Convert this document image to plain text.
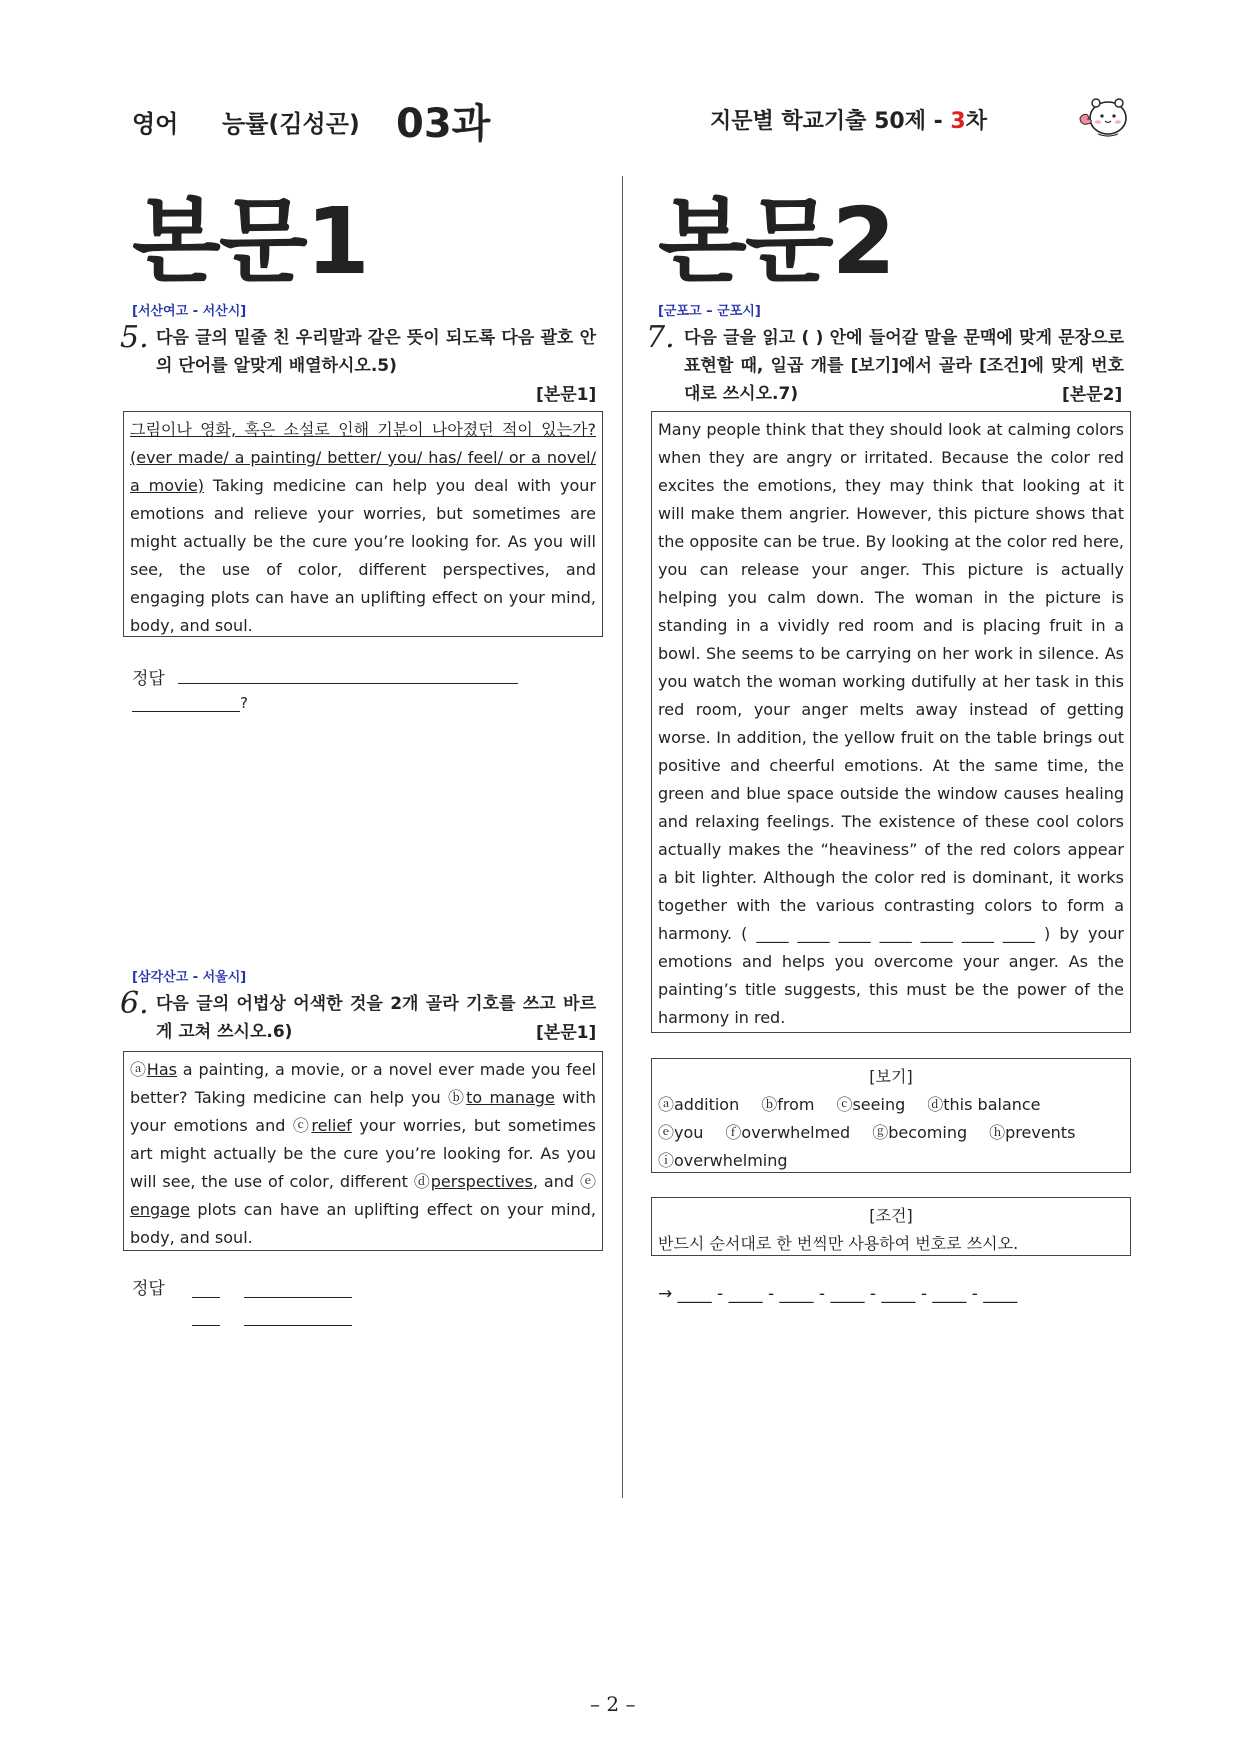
영어 능률(김성곤) 03과	지문별 학교기출 50제 - 3차
본문1
[서산여고 - 서산시]
5. 다음 글의 밑줄 친 우리말과 같은 뜻이 되도록 다음 괄호 안의 단어를 알맞게 배열하시오.5)
[본문1]
그림이나 영화, 혹은 소설로 인해 기분이 나아졌던 적이 있는가? (ever made/ a painting/ better/ you/ has/ feel/ or a novel/ a movie) Taking medicine can help you deal with your emotions and relieve your worries, but sometimes are might actually be the cure you’re looking for. As you will see, the use of color, different perspectives, and engaging plots can have an uplifting effect on your mind, body, and soul.
정답
?
[삼각산고 - 서울시]
6. 다음 글의 어법상 어색한 것을 2개 골라 기호를 쓰고 바르게 고쳐 쓰시오.6)	[본문1]
ⓐHas a painting, a movie, or a novel ever made you feel better? Taking medicine can help you ⓑto manage with your emotions and ⓒrelief your worries, but sometimes art might actually be the cure you’re looking for. As you will see, the use of color, different ⓓperspectives, and ⓔ engage plots can have an uplifting effect on your mind, body, and soul.
정답
본문2
[군포고 – 군포시]
7. 다음 글을 읽고 ( ) 안에 들어갈 말을 문맥에 맞게 문장으로 표현할 때, 일곱 개를 [보기]에서 골라 [조건]에 맞게 번호대로 쓰시오.7)	[본문2]
Many people think that they should look at calming colors when they are angry or irritated. Because the color red excites the emotions, they may think that looking at it will make them angrier. However, this picture shows that the opposite can be true. By looking at the color red here, you can release your anger. This picture is actually helping you calm down. The woman in the picture is standing in a vividly red room and is placing fruit in a bowl. She seems to be carrying on her work in silence. As you watch the woman working dutifully at her task in this red room, your anger melts away instead of getting worse. In addition, the yellow fruit on the table brings out positive and cheerful emotions. At the same time, the green and blue space outside the window causes healing and relaxing feelings. The existence of these cool colors actually makes the “heaviness” of the red colors appear a bit lighter. Although the color red is dominant, it works together with the various contrasting colors to form a harmony. ( ____ ____ ____ ____ ____ ____ ____ ) by your emotions and helps you overcome your anger. As the painting’s title suggests, this must be the power of the harmony in red.
[보기]
ⓐaddition ⓑfrom ⓒseeing ⓓthis balance
ⓔyou ⓕoverwhelmed ⓖbecoming ⓗprevents
ⓘoverwhelming
[조건]
반드시 순서대로 한 번씩만 사용하여 번호로 쓰시오.
→ ____ - ____ - ____ - ____ - ____ - ____ - ____
– 2 –
